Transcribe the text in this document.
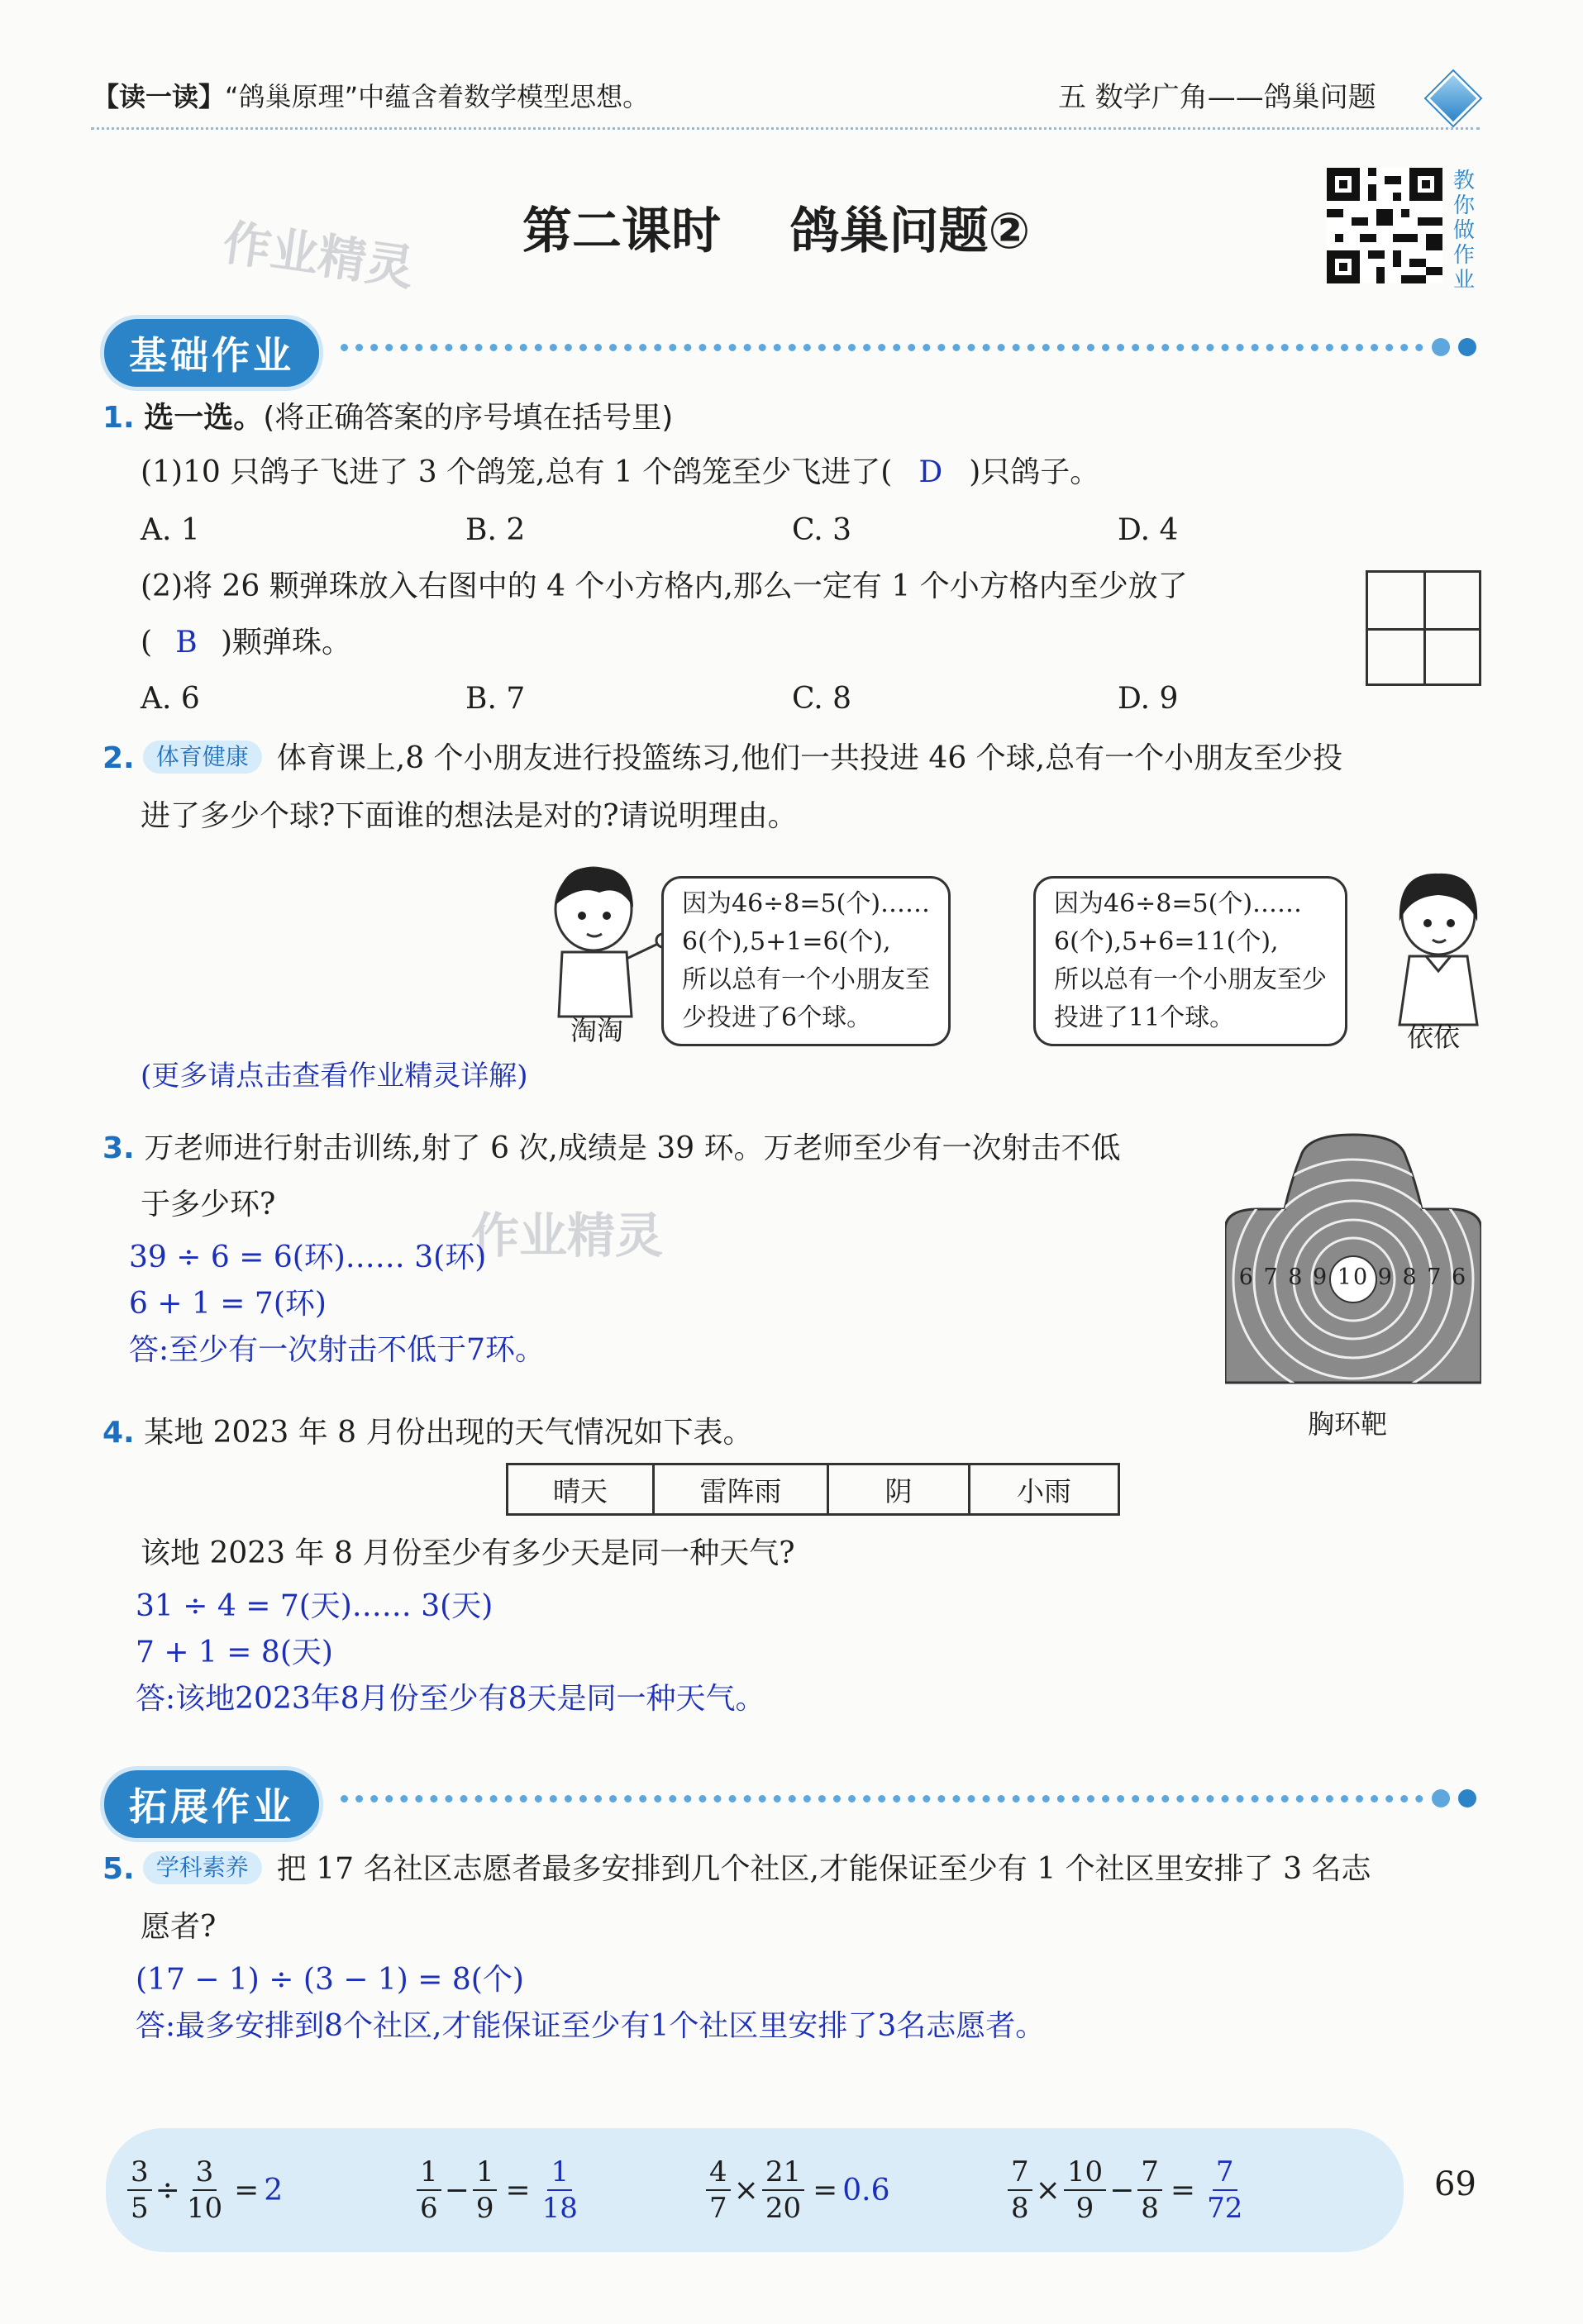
【读一读】“鸽巢原理”中蕴含着数学模型思想。	五 数学广角——鸽巢问题
作业精灵 第二课时    鸽巢问题②
教你做作业
基础作业
1. 选一选。(将正确答案的序号填在括号里)
(1)10 只鸽子飞进了 3 个鸽笼,总有 1 个鸽笼至少飞进了( D )只鸽子。
A. 1	B. 2	C. 3	D. 4
(2)将 26 颗弹珠放入右图中的 4 个小方格内,那么一定有 1 个小方格内至少放了
( B )颗弹珠。
A. 6	B. 7	C. 8	D. 9
2. 体育健康 体育课上,8 个小朋友进行投篮练习,他们一共投进 46 个球,总有一个小朋友至少投
进了多少个球?下面谁的想法是对的?请说明理由。
淘淘
因为46÷8=5(个)……
6(个),5+1=6(个),
所以总有一个小朋友至
少投进了6个球。
因为46÷8=5(个)……
6(个),5+6=11(个),
所以总有一个小朋友至少
投进了11个球。
依依
(更多请点击查看作业精灵详解)
3. 万老师进行射击训练,射了 6 次,成绩是 39 环。万老师至少有一次射击不低
于多少环?
作业精灵
39 ÷ 6 = 6(环)…… 3(环)
6 + 1 = 7(环)
答:至少有一次射击不低于7环。
6 7 8 9 10 9 8 7 6
胸环靶
4. 某地 2023 年 8 月份出现的天气情况如下表。
晴天	雷阵雨	阴	小雨
该地 2023 年 8 月份至少有多少天是同一种天气?
31 ÷ 4 = 7(天)…… 3(天)
7 + 1 = 8(天)
答:该地2023年8月份至少有8天是同一种天气。
拓展作业
5. 学科素养 把 17 名社区志愿者最多安排到几个社区,才能保证至少有 1 个社区里安排了 3 名志
愿者?
(17 − 1) ÷ (3 − 1) = 8(个)
答:最多安排到8个社区,才能保证至少有1个社区里安排了3名志愿者。
$\frac{3}{5} \div \frac{3}{10} = 2$	$\frac{1}{6} - \frac{1}{9} = \frac{1}{18}$	$\frac{4}{7} \times \frac{21}{20} = 0.6$	$\frac{7}{8} \times \frac{10}{9} - \frac{7}{8} = \frac{7}{72}$	69
